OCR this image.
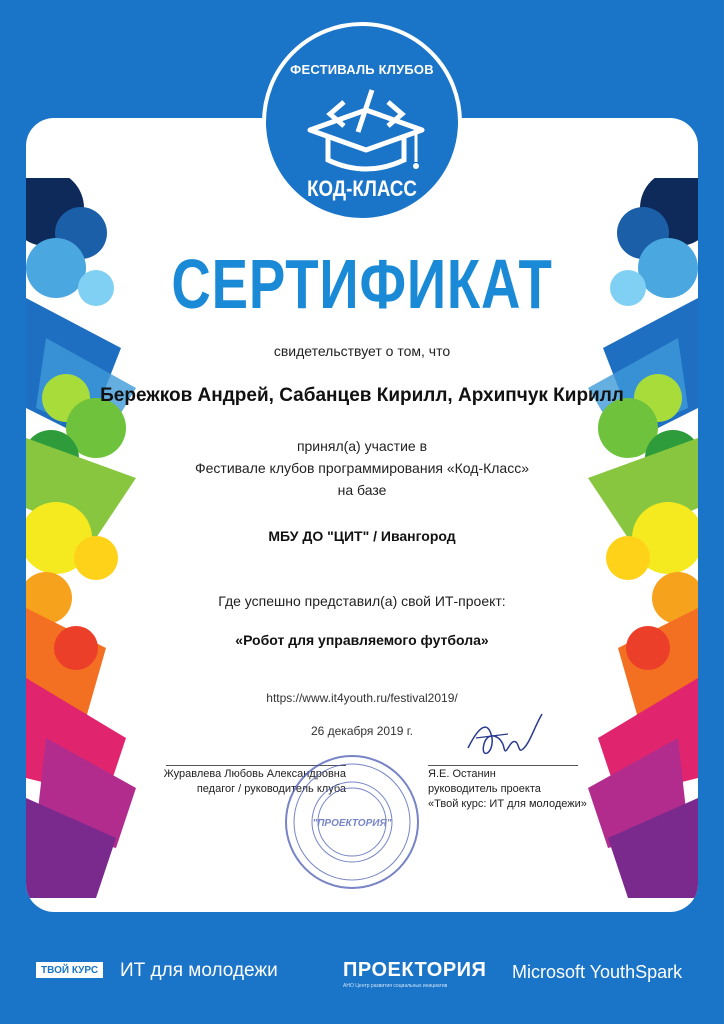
ФЕСТИВАЛЬ КЛУБОВ
КОД-КЛАСС
СЕРТИФИКАТ
свидетельствует о том, что
Бережков Андрей, Сабанцев Кирилл, Архипчук Кирилл
принял(а) участие в
Фестивале клубов программирования «Код-Класс»
на базе
МБУ ДО "ЦИТ" / Ивангород
Где успешно представил(а) свой ИТ-проект:
«Робот для управляемого футбола»
https://www.it4youth.ru/festival2019/
26 декабря 2019 г.
Журавлева Любовь Александровна
педагог / руководитель клуба
Я.Е. Останин
руководитель проекта
«Твой курс: ИТ для молодежи»
"ПРОЕКТОРИЯ"
ТВОЙ КУРС ИТ для молодежи	ПРОЕКТОРИЯ
АНО Центр развития социальных инициатив
Microsoft YouthSpark
